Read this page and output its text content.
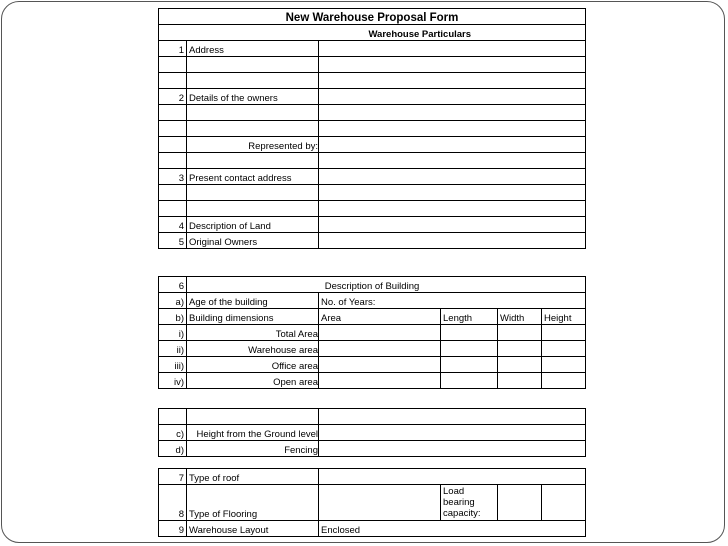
New Warehouse Proposal Form		
	Warehouse Particulars	
1	Address	

2	Details of the owners	

	Represented by:	

3	Present contact address	

4	Description of Land	
5	Original Owners	
6	Description of Building				
a)	Age of the building	No. of Years:			
b)	Building dimensions	Area	Length	Width	Height
i)	Total Area				
ii)	Warehouse area				
iii)	Office area				
iv)	Open area				

c)	Height from the Ground level	
d)	Fencing	
7	Type of roof				
8	Type of Flooring		Load bearing capacity:		
9	Warehouse Layout	Enclosed			
